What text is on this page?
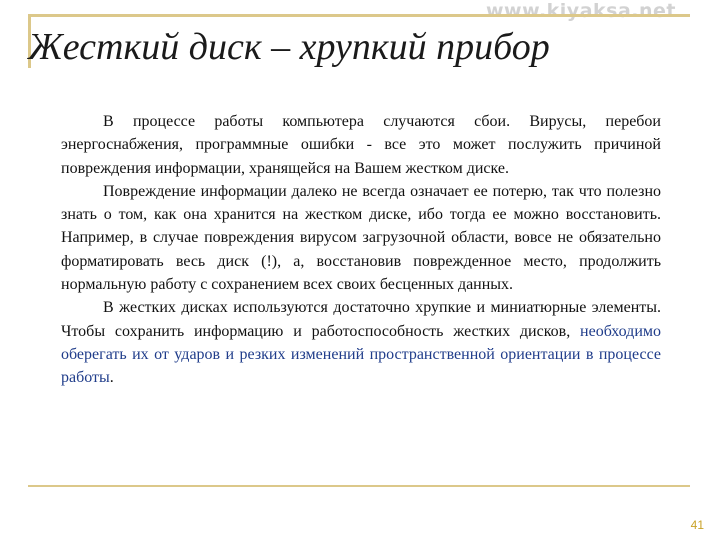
www.kiyaksa.net
Жесткий диск – хрупкий прибор

В процессе работы компьютера случаются сбои. Вирусы, перебои энергоснабжения, программные ошибки - все это может послужить причиной повреждения информации, хранящейся на Вашем жестком диске.

Повреждение информации далеко не всегда означает ее потерю, так что полезно знать о том, как она хранится на жестком диске, ибо тогда ее можно восстановить. Например, в случае повреждения вирусом загрузочной области, вовсе не обязательно форматировать весь диск (!), а, восстановив поврежденное место, продолжить нормальную работу с сохранением всех своих бесценных данных.

В жестких дисках используются достаточно хрупкие и миниатюрные элементы. Чтобы сохранить информацию и работоспособность жестких дисков, необходимо оберегать их от ударов и резких изменений пространственной ориентации в процессе работы.

41
